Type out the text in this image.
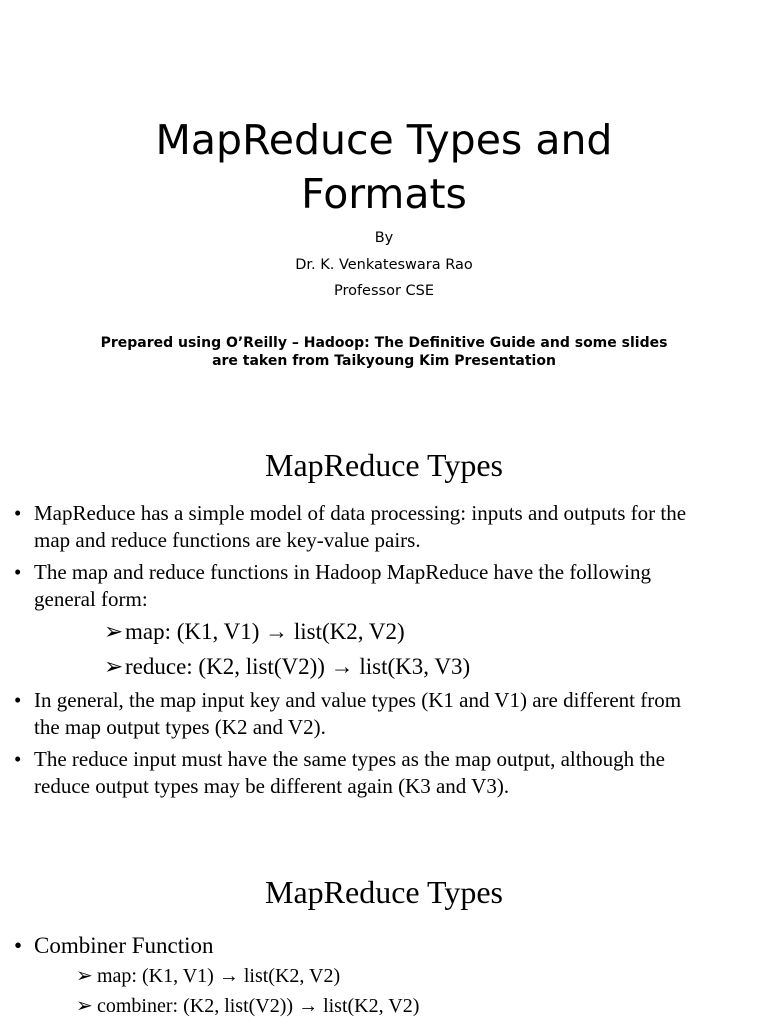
MapReduce Types and
Formats
By
Dr. K. Venkateswara Rao
Professor CSE
Prepared using O’Reilly – Hadoop: The Definitive Guide and some slides
are taken from Taikyoung Kim Presentation
MapReduce Types
• MapReduce has a simple model of data processing: inputs and outputs for the
map and reduce functions are key-value pairs.
• The map and reduce functions in Hadoop MapReduce have the following
general form:
➢map: (K1, V1) → list(K2, V2)
➢reduce: (K2, list(V2)) → list(K3, V3)
• In general, the map input key and value types (K1 and V1) are different from
the map output types (K2 and V2).
• The reduce input must have the same types as the map output, although the
reduce output types may be different again (K3 and V3).
MapReduce Types
• Combiner Function
➢ map: (K1, V1) → list(K2, V2)
➢ combiner: (K2, list(V2)) → list(K2, V2)
